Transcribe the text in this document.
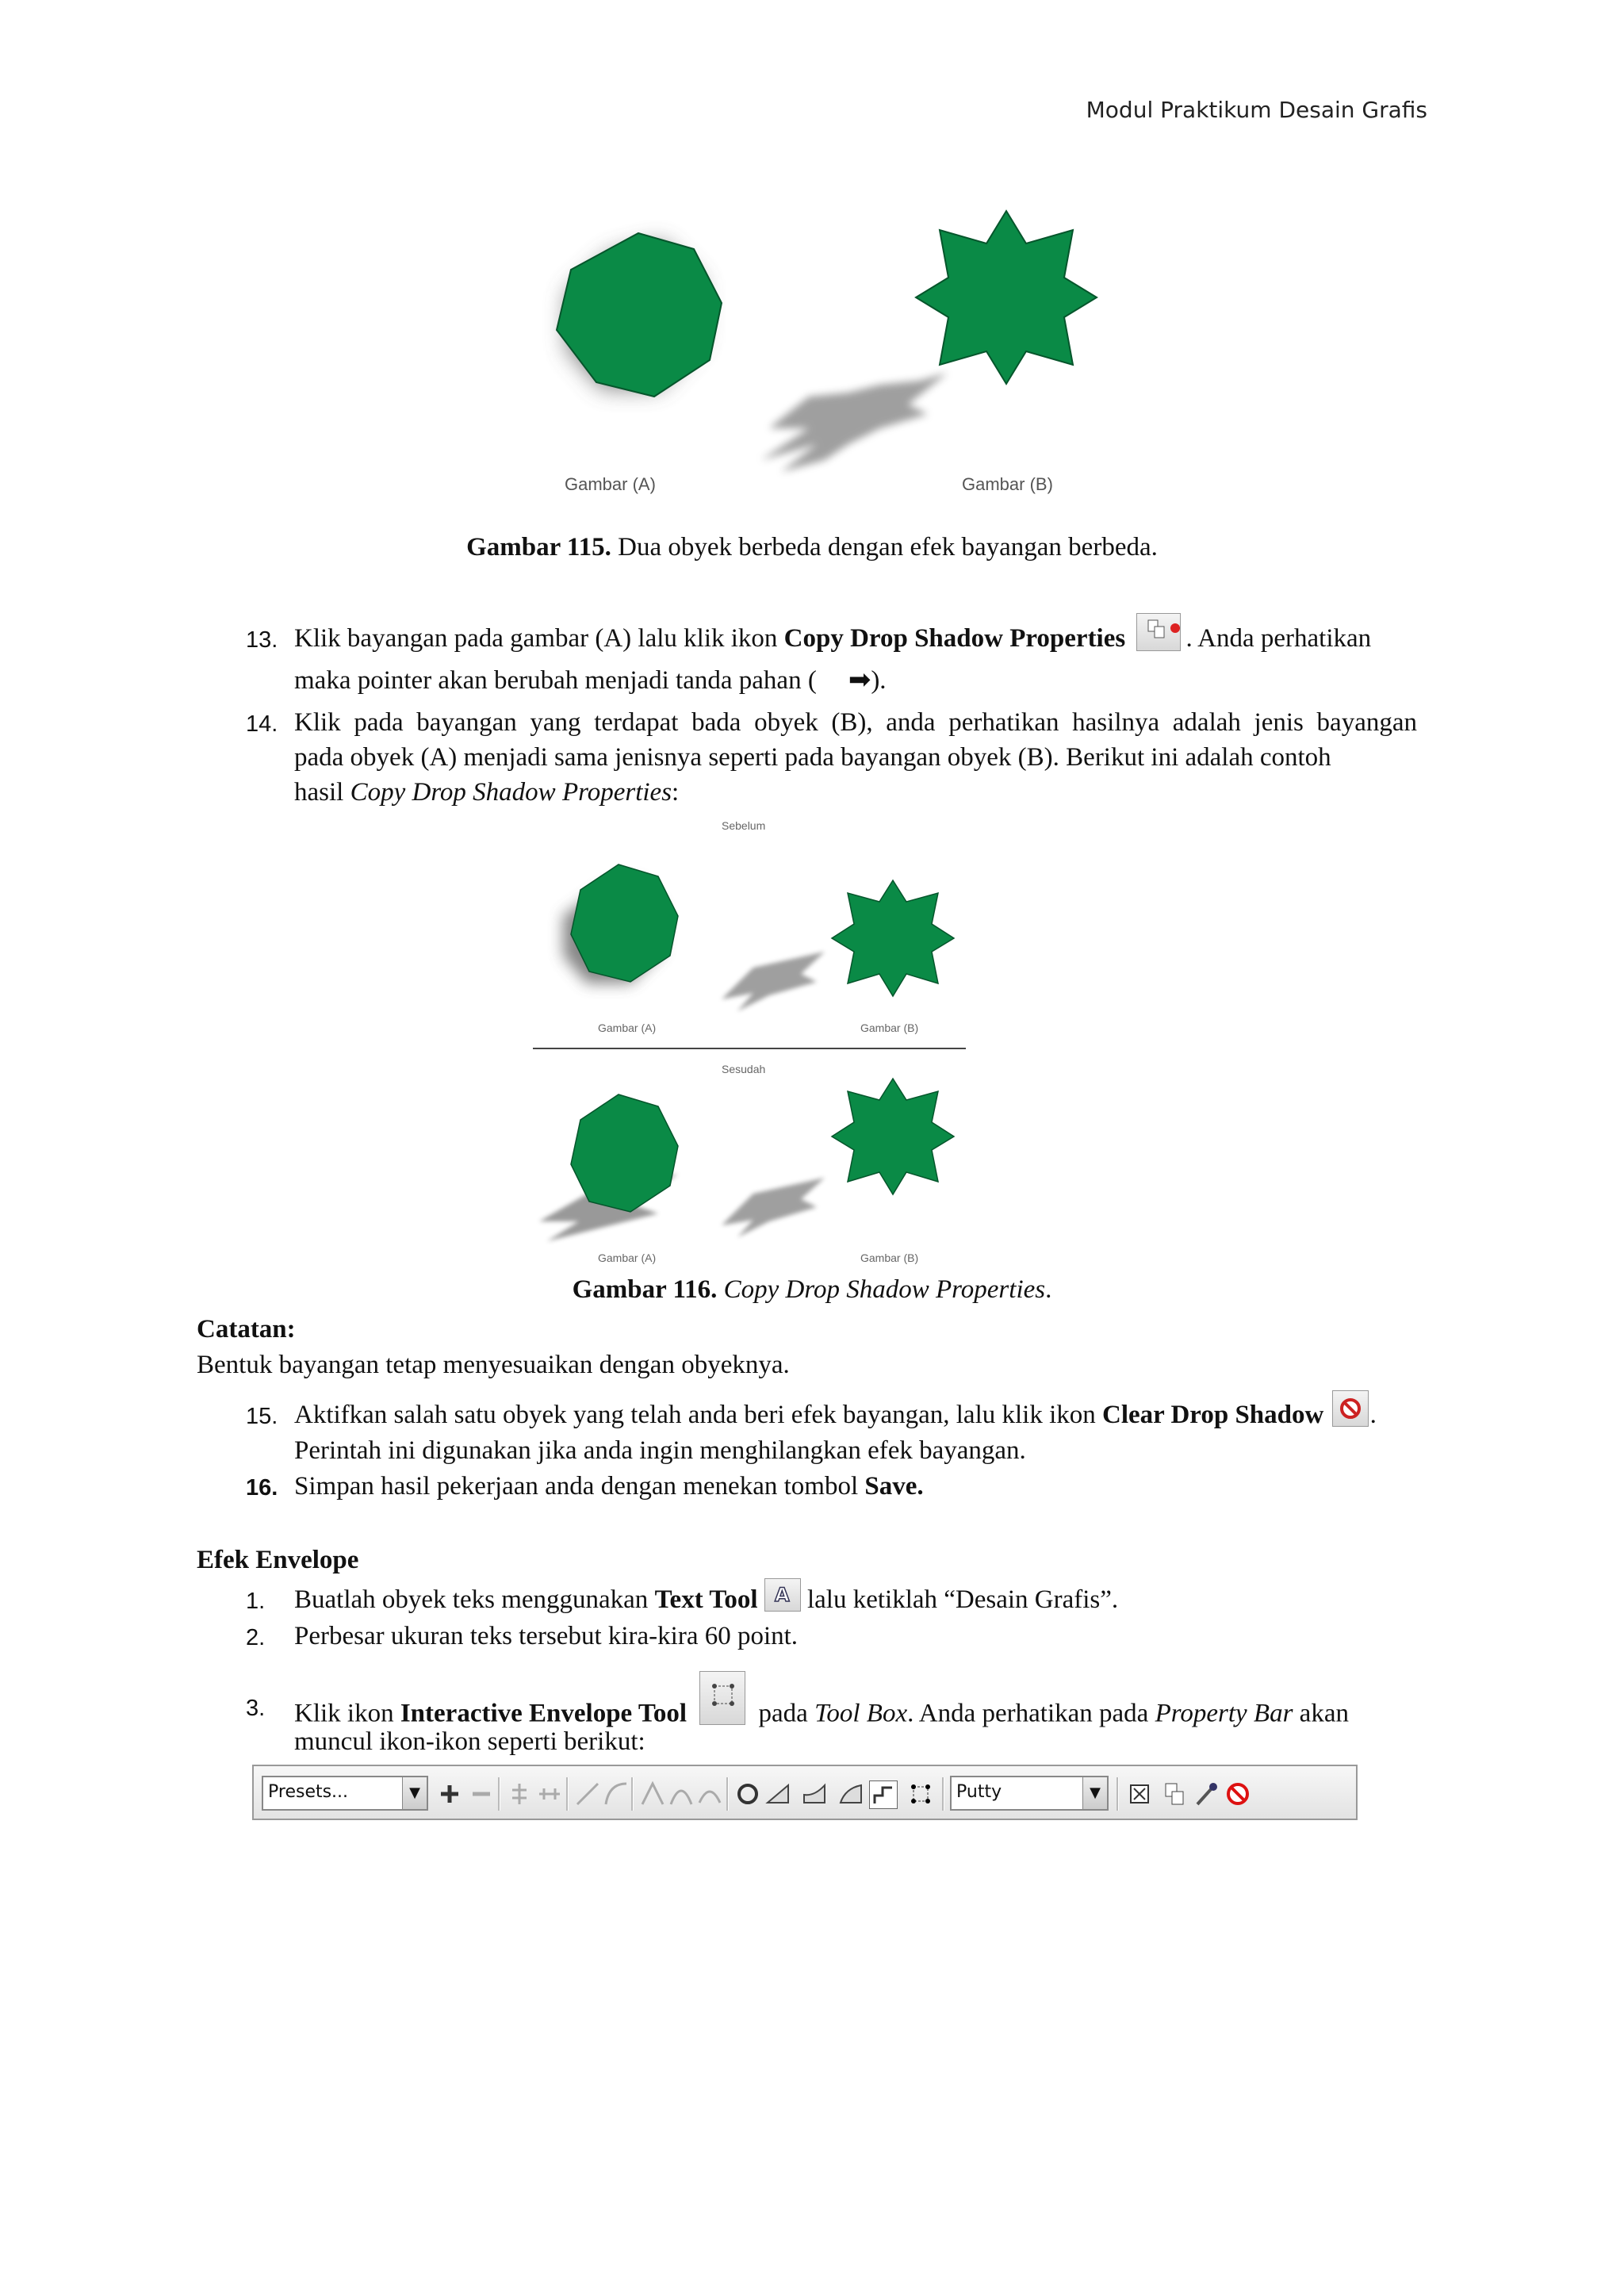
Modul Praktikum Desain Grafis
Gambar (A)	Gambar (B)
Gambar 115. Dua obyek berbeda dengan efek bayangan berbeda.
13. Klik bayangan pada gambar (A) lalu klik ikon Copy Drop Shadow Properties . Anda perhatikan
maka pointer akan berubah menjadi tanda pahan ( ➡).
14. Klik pada bayangan yang terdapat bada obyek (B), anda perhatikan hasilnya adalah jenis bayangan
pada obyek (A) menjadi sama jenisnya seperti pada bayangan obyek (B). Berikut ini adalah contoh
hasil Copy Drop Shadow Properties:
Sebelum
Gambar (A)	Gambar (B)
Sesudah
Gambar (A)	Gambar (B)
Gambar 116. Copy Drop Shadow Properties.
Catatan:
Bentuk bayangan tetap menyesuaikan dengan obyeknya.
15. Aktifkan salah satu obyek yang telah anda beri efek bayangan, lalu klik ikon Clear Drop Shadow .
Perintah ini digunakan jika anda ingin menghilangkan efek bayangan.
16. Simpan hasil pekerjaan anda dengan menekan tombol Save.
Efek Envelope
1. Buatlah obyek teks menggunakan Text Tool A lalu ketiklah “Desain Grafis”.
2. Perbesar ukuran teks tersebut kira-kira 60 point.
3. Klik ikon Interactive Envelope Tool  pada Tool Box. Anda perhatikan pada Property Bar akan
muncul ikon-ikon seperti berikut:
Presets...	▼	Putty	▼
